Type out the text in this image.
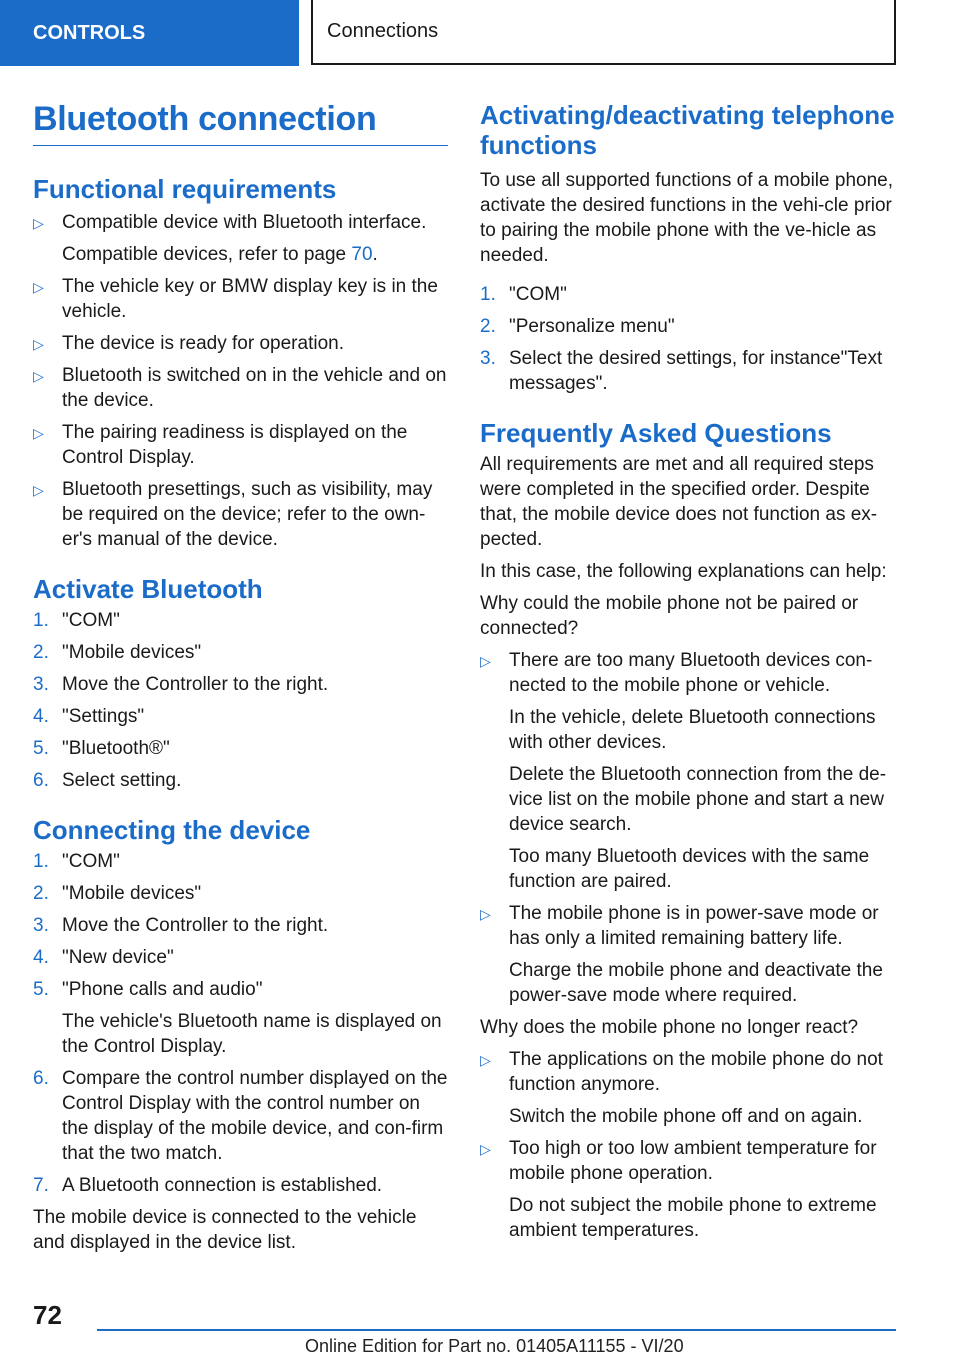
CONTROLS	Connections
Bluetooth connection
Functional requirements
▷ Compatible device with Bluetooth interface.
Compatible devices, refer to page 70.
▷ The vehicle key or BMW display key is in the vehicle.
▷ The device is ready for operation.
▷ Bluetooth is switched on in the vehicle and on the device.
▷ The pairing readiness is displayed on the Control Display.
▷ Bluetooth presettings, such as visibility, may be required on the device; refer to the own-er's manual of the device.
Activate Bluetooth
1. "COM"
2. "Mobile devices"
3. Move the Controller to the right.
4. "Settings"
5. "Bluetooth®"
6. Select setting.
Connecting the device
1. "COM"
2. "Mobile devices"
3. Move the Controller to the right.
4. "New device"
5. "Phone calls and audio"
The vehicle's Bluetooth name is displayed on the Control Display.
6. Compare the control number displayed on the Control Display with the control number on the display of the mobile device, and con-firm that the two match.
7. A Bluetooth connection is established.

The mobile device is connected to the vehicle and displayed in the device list.

Activating/deactivating telephone functions

To use all supported functions of a mobile phone, activate the desired functions in the vehi-cle prior to pairing the mobile phone with the ve-hicle as needed.

1. "COM"
2. "Personalize menu"
3. Select the desired settings, for instance"Text messages".
Frequently Asked Questions

All requirements are met and all required steps were completed in the specified order. Despite that, the mobile device does not function as ex-pected.

In this case, the following explanations can help:

Why could the mobile phone not be paired or connected?

▷ There are too many Bluetooth devices con-nected to the mobile phone or vehicle.
In the vehicle, delete Bluetooth connections with other devices.
Delete the Bluetooth connection from the de-vice list on the mobile phone and start a new device search.
Too many Bluetooth devices with the same function are paired.
▷ The mobile phone is in power-save mode or has only a limited remaining battery life.
Charge the mobile phone and deactivate the power-save mode where required.

Why does the mobile phone no longer react?

▷ The applications on the mobile phone do not function anymore.
Switch the mobile phone off and on again.
▷ Too high or too low ambient temperature for mobile phone operation.
Do not subject the mobile phone to extreme ambient temperatures.
72
Online Edition for Part no. 01405A11155 - VI/20
